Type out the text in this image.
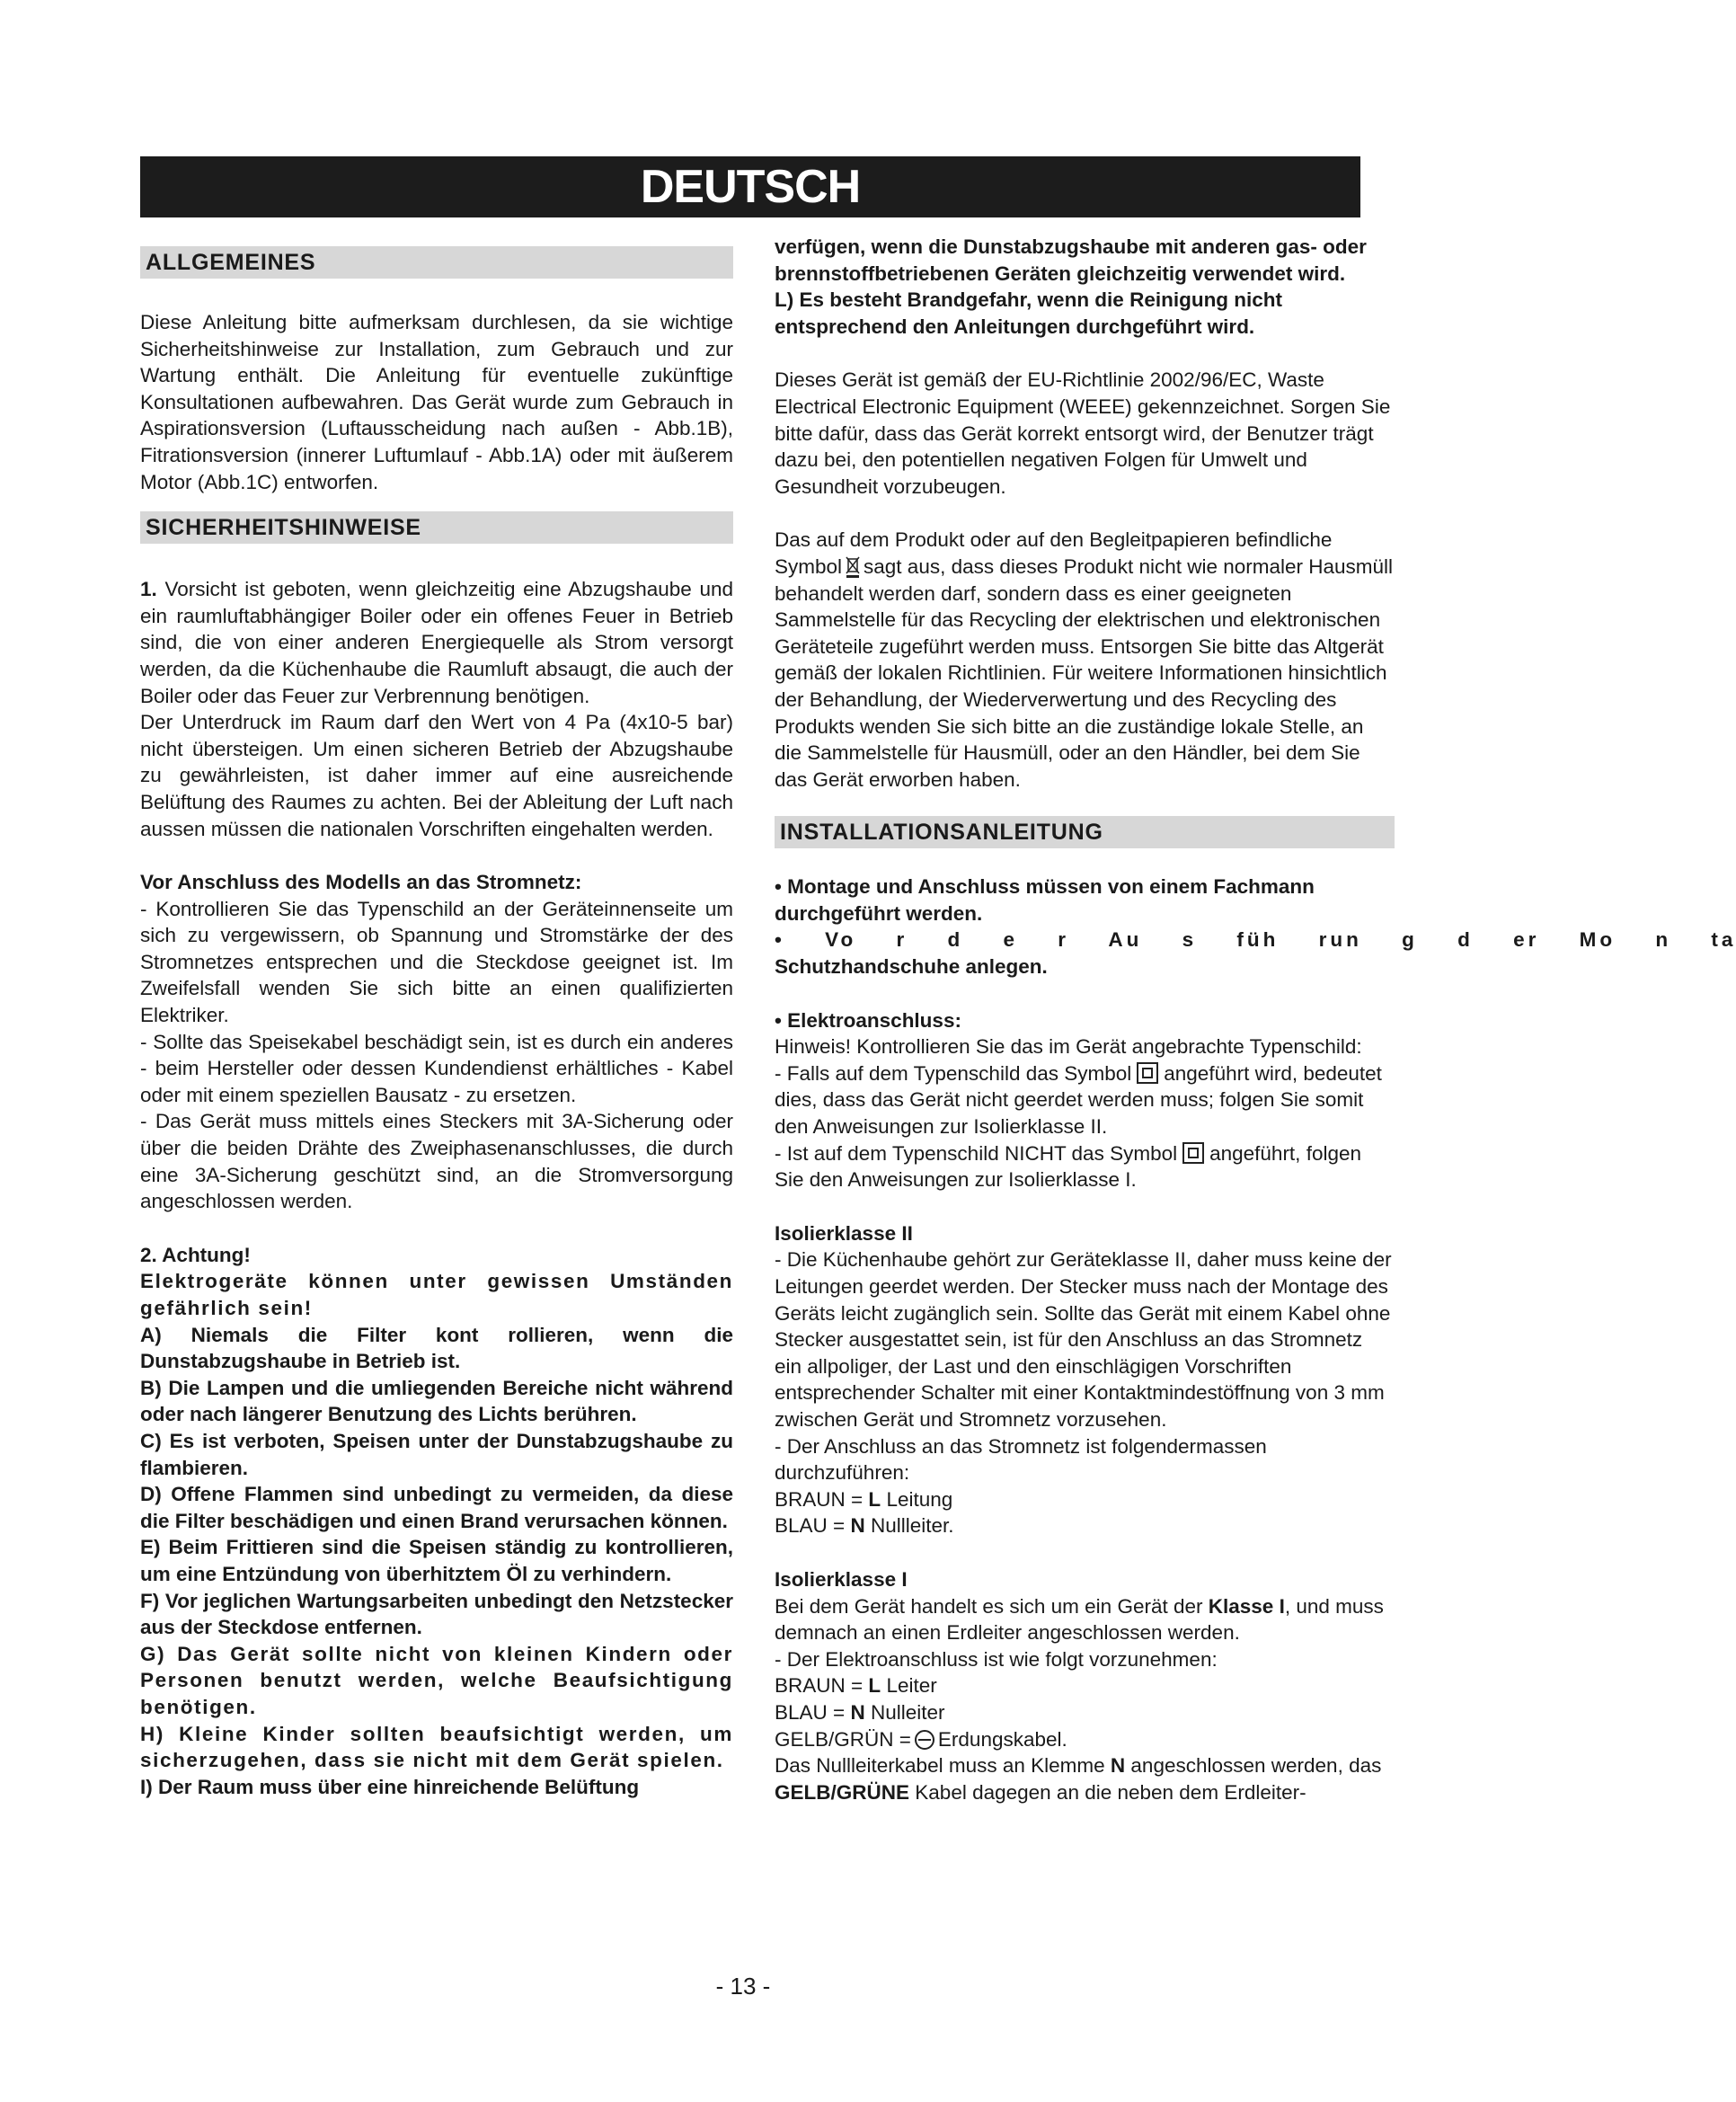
DEUTSCH	D
ALLGEMEINES

Diese Anleitung bitte aufmerksam durchlesen, da sie wichtige Sicherheitshinweise zur Installation, zum Gebrauch und zur Wartung enthält. Die Anleitung für eventuelle zukünftige Konsultationen aufbewahren. Das Gerät wurde zum Gebrauch in Aspirationsversion (Luftausscheidung nach außen - Abb.1B), Fitrationsversion (innerer Luftumlauf - Abb.1A) oder mit äußerem Motor (Abb.1C) entworfen.

SICHERHEITSHINWEISE

1. Vorsicht ist geboten, wenn gleichzeitig eine Abzugshaube und ein raumluftabhängiger Boiler oder ein offenes Feuer in Betrieb sind, die von einer anderen Energiequelle als Strom versorgt werden, da die Küchenhaube die Raumluft absaugt, die auch der Boiler oder das Feuer zur Verbrennung benötigen.

Der Unterdruck im Raum darf den Wert von 4 Pa (4x10-5 bar) nicht übersteigen. Um einen sicheren Betrieb der Abzugshaube zu gewährleisten, ist daher immer auf eine ausreichende Belüftung des Raumes zu achten. Bei der Ableitung der Luft nach aussen müssen die nationalen Vorschriften eingehalten werden.

Vor Anschluss des Modells an das Stromnetz:

- Kontrollieren Sie das Typenschild an der Geräteinnenseite um sich zu vergewissern, ob Spannung und Stromstärke der des Stromnetzes entsprechen und die Steckdose geeignet ist. Im Zweifelsfall wenden Sie sich bitte an einen qualifizierten Elektriker.

- Sollte das Speisekabel beschädigt sein, ist es durch ein anderes - beim Hersteller oder dessen Kundendienst erhältliches - Kabel oder mit einem speziellen Bausatz - zu ersetzen.

- Das Gerät muss mittels eines Steckers mit 3A-Sicherung oder über die beiden Drähte des Zweiphasenanschlusses, die durch eine 3A-Sicherung geschützt sind, an die Stromversorgung angeschlossen werden.

2. Achtung!

Elektrogeräte können unter gewissen Umständen gefährlich sein!

A) Niemals die Filter kont rollieren, wenn die Dunstabzugshaube in Betrieb ist.

B) Die Lampen und die umliegenden Bereiche nicht während oder nach längerer Benutzung des Lichts berühren.

C) Es ist verboten, Speisen unter der Dunstabzugshaube zu flambieren.

D) Offene Flammen sind unbedingt zu vermeiden, da diese die Filter beschädigen und einen Brand verursachen können.

E) Beim Frittieren sind die Speisen ständig zu kontrollieren, um eine Entzündung von überhitztem Öl zu verhindern.

F) Vor jeglichen Wartungsarbeiten unbedingt den Netzstecker aus der Steckdose entfernen.

G) Das Gerät sollte nicht von kleinen Kindern oder Personen benutzt werden, welche Beaufsichtigung benötigen.

H) Kleine Kinder sollten beaufsichtigt werden, um sicherzugehen, dass sie nicht mit dem Gerät spielen.

I) Der Raum muss über eine hinreichende Belüftung

verfügen, wenn die Dunstabzugshaube mit anderen gas- oder brennstoffbetriebenen Geräten gleichzeitig verwendet wird.

L) Es besteht Brandgefahr, wenn die Reinigung nicht entsprechend den Anleitungen durchgeführt wird.

Dieses Gerät ist gemäß der EU-Richtlinie 2002/96/EC, Waste Electrical Electronic Equipment (WEEE) gekennzeichnet. Sorgen Sie bitte dafür, dass das Gerät korrekt entsorgt wird, der Benutzer trägt dazu bei, den potentiellen negativen Folgen für Umwelt und Gesundheit vorzubeugen.

Das auf dem Produkt oder auf den Begleitpapieren befindliche

Symbol sagt aus, dass dieses Produkt nicht wie normaler Hausmüll behandelt werden darf, sondern dass es einer geeigneten Sammelstelle für das Recycling der elektrischen und elektronischen Geräteteile zugeführt werden muss. Entsorgen Sie bitte das Altgerät gemäß der lokalen Richtlinien. Für weitere Informationen hinsichtlich der Behandlung, der Wiederverwertung und des Recycling des Produkts wenden Sie sich bitte an die zuständige lokale Stelle, an die Sammelstelle für Hausmüll, oder an den Händler, bei dem Sie das Gerät erworben haben.

INSTALLATIONSANLEITUNG

• Montage und Anschluss müssen von einem Fachmann durchgeführt werden.

• Vo r d e r Au s füh run g d er Mo n ta

Schutzhandschuhe anlegen.

• Elektroanschluss:

Hinweis! Kontrollieren Sie das im Gerät angebrachte Typenschild:

- Falls auf dem Typenschild das Symbol angeführt wird, bedeutet dies, dass das Gerät nicht geerdet werden muss; folgen Sie somit den Anweisungen zur Isolierklasse II.

- Ist auf dem Typenschild NICHT das Symbol angeführt, folgen Sie den Anweisungen zur Isolierklasse I.

Isolierklasse II

- Die Küchenhaube gehört zur Geräteklasse II, daher muss keine der Leitungen geerdet werden. Der Stecker muss nach der Montage des Geräts leicht zugänglich sein. Sollte das Gerät mit einem Kabel ohne Stecker ausgestattet sein, ist für den Anschluss an das Stromnetz ein allpoliger, der Last und den einschlägigen Vorschriften entsprechender Schalter mit einer Kontaktmindestöffnung von 3 mm zwischen Gerät und Stromnetz vorzusehen.

- Der Anschluss an das Stromnetz ist folgendermassen durchzuführen:

BRAUN = L Leitung

BLAU = N Nullleiter.

Isolierklasse I

Bei dem Gerät handelt es sich um ein Gerät der Klasse I, und muss demnach an einen Erdleiter angeschlossen werden.

- Der Elektroanschluss ist wie folgt vorzunehmen:

BRAUN = L Leiter

BLAU = N Nulleiter

GELB/GRÜN = Erdungskabel.

Das Nullleiterkabel muss an Klemme N angeschlossen werden, das GELB/GRÜNE Kabel dagegen an die neben dem Erdleiter-

- 13 -
